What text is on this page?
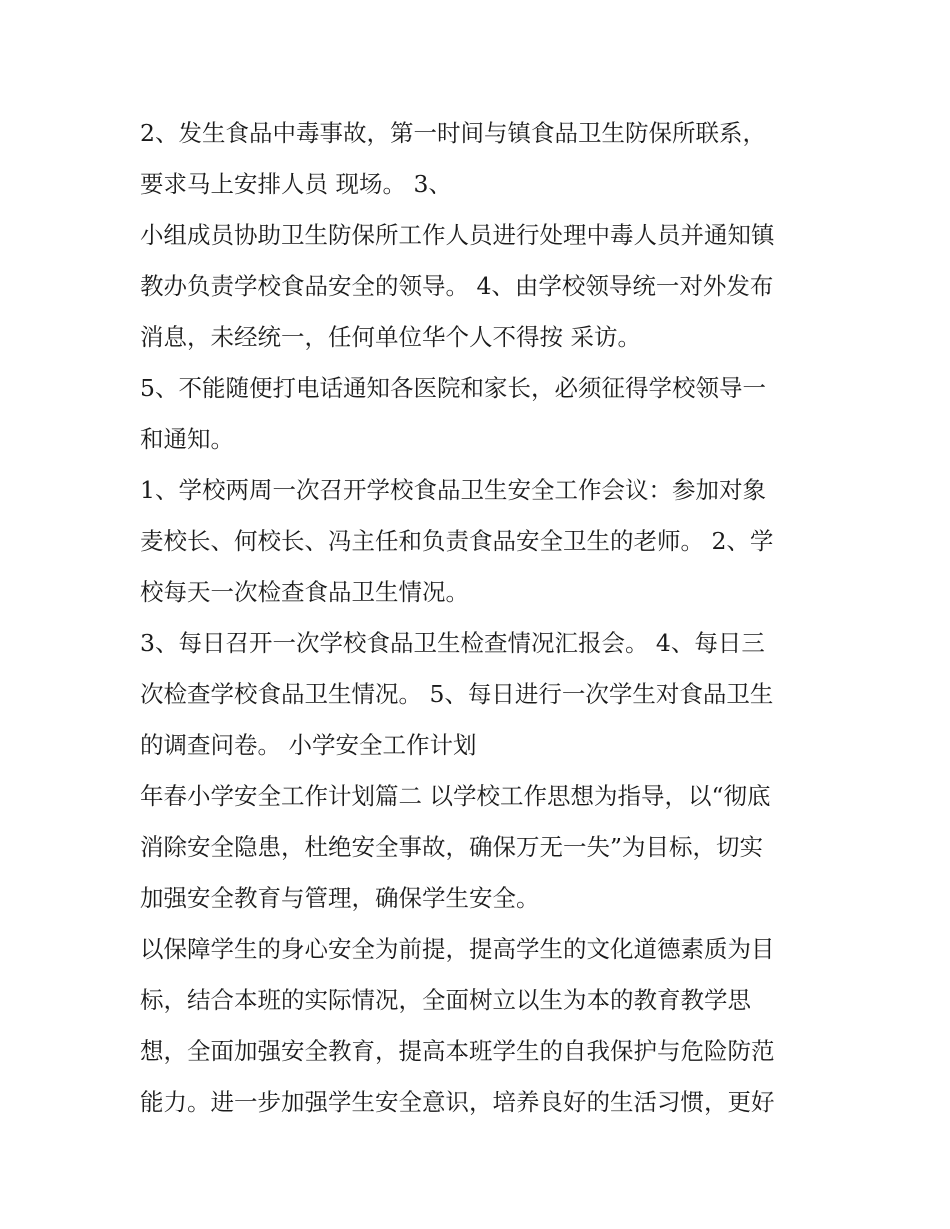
2、发生食品中毒事故，第一时间与镇食品卫生防保所联系，
要求马上安排人员 现场。 3、
小组成员协助卫生防保所工作人员进行处理中毒人员并通知镇
教办负责学校食品安全的领导。 4、由学校领导统一对外发布
消息，未经统一，任何单位华个人不得按 采访。
5、不能随便打电话通知各医院和家长，必须征得学校领导一
和通知。
1、学校两周一次召开学校食品卫生安全工作会议：参加对象
麦校长、何校长、冯主任和负责食品安全卫生的老师。 2、学
校每天一次检查食品卫生情况。
3、每日召开一次学校食品卫生检查情况汇报会。 4、每日三
次检查学校食品卫生情况。 5、每日进行一次学生对食品卫生
的调查问卷。 小学安全工作计划
年春小学安全工作计划篇二 以学校工作思想为指导，以“彻底
消除安全隐患，杜绝安全事故，确保万无一失”为目标，切实
加强安全教育与管理，确保学生安全。
以保障学生的身心安全为前提，提高学生的文化道德素质为目
标，结合本班的实际情况，全面树立以生为本的教育教学思
想，全面加强安全教育，提高本班学生的自我保护与危险防范
能力。进一步加强学生安全意识，培养良好的生活习惯，更好
